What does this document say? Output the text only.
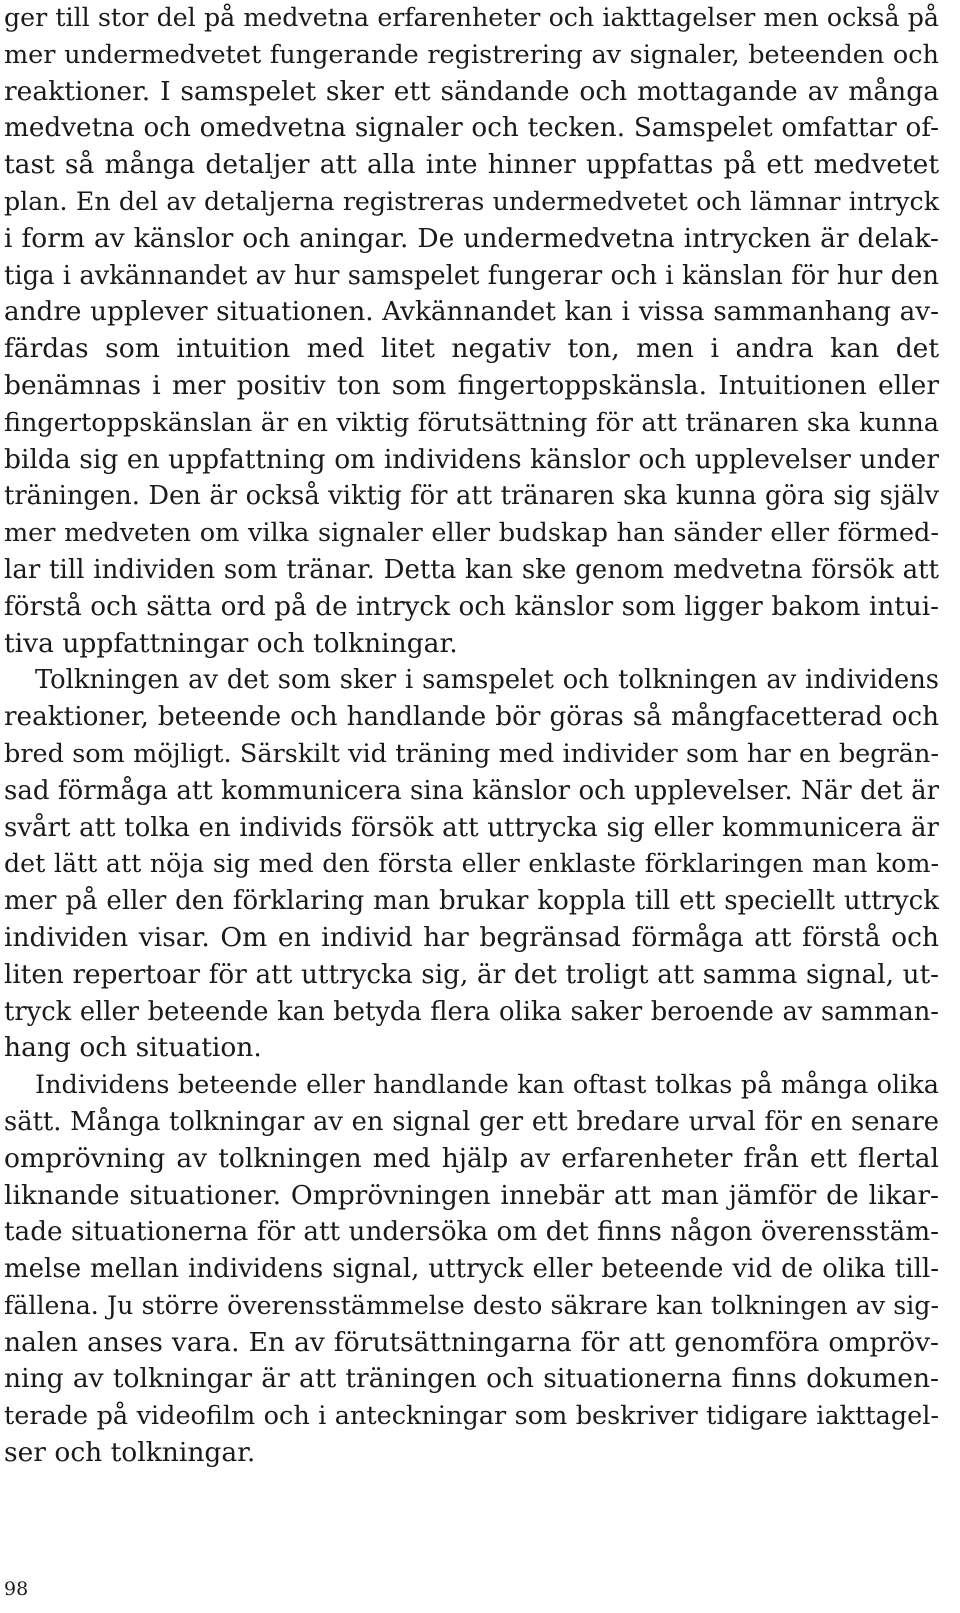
ger till stor del på medvetna erfarenheter och iakttagelser men också på
mer undermedvetet fungerande registrering av signaler, beteenden och
reaktioner. I samspelet sker ett sändande och mottagande av många
medvetna och omedvetna signaler och tecken. Samspelet omfattar of-
tast så många detaljer att alla inte hinner uppfattas på ett medvetet
plan. En del av detaljerna registreras undermedvetet och lämnar intryck
i form av känslor och aningar. De undermedvetna intrycken är delak-
tiga i avkännandet av hur samspelet fungerar och i känslan för hur den
andre upplever situationen. Avkännandet kan i vissa sammanhang av-
färdas som intuition med litet negativ ton, men i andra kan det
benämnas i mer positiv ton som fingertoppskänsla. Intuitionen eller
fingertoppskänslan är en viktig förutsättning för att tränaren ska kunna
bilda sig en uppfattning om individens känslor och upplevelser under
träningen. Den är också viktig för att tränaren ska kunna göra sig själv
mer medveten om vilka signaler eller budskap han sänder eller förmed-
lar till individen som tränar. Detta kan ske genom medvetna försök att
förstå och sätta ord på de intryck och känslor som ligger bakom intui-
tiva uppfattningar och tolkningar.
Tolkningen av det som sker i samspelet och tolkningen av individens
reaktioner, beteende och handlande bör göras så mångfacetterad och
bred som möjligt. Särskilt vid träning med individer som har en begrän-
sad förmåga att kommunicera sina känslor och upplevelser. När det är
svårt att tolka en individs försök att uttrycka sig eller kommunicera är
det lätt att nöja sig med den första eller enklaste förklaringen man kom-
mer på eller den förklaring man brukar koppla till ett speciellt uttryck
individen visar. Om en individ har begränsad förmåga att förstå och
liten repertoar för att uttrycka sig, är det troligt att samma signal, ut-
tryck eller beteende kan betyda flera olika saker beroende av samman-
hang och situation.
Individens beteende eller handlande kan oftast tolkas på många olika
sätt. Många tolkningar av en signal ger ett bredare urval för en senare
omprövning av tolkningen med hjälp av erfarenheter från ett flertal
liknande situationer. Omprövningen innebär att man jämför de likar-
tade situationerna för att undersöka om det finns någon överensstäm-
melse mellan individens signal, uttryck eller beteende vid de olika till-
fällena. Ju större överensstämmelse desto säkrare kan tolkningen av sig-
nalen anses vara. En av förutsättningarna för att genomföra ompröv-
ning av tolkningar är att träningen och situationerna finns dokumen-
terade på videofilm och i anteckningar som beskriver tidigare iakttagel-
ser och tolkningar.
98
